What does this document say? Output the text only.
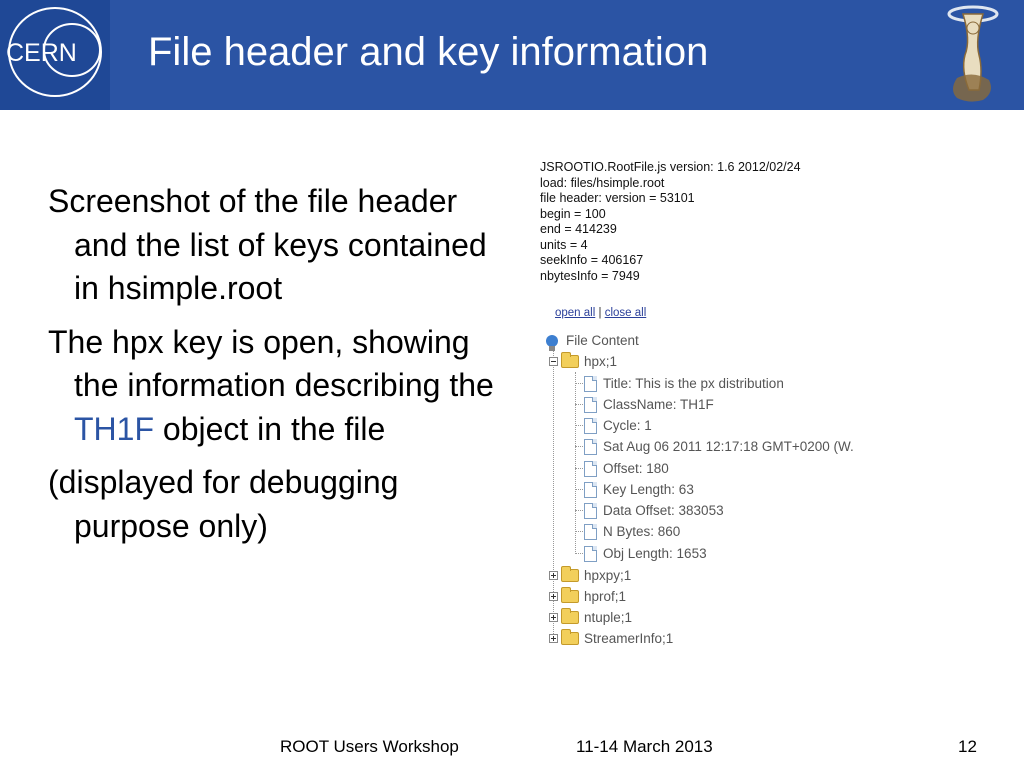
CERN File header and key information

Screenshot of the file header and the list of keys contained in hsimple.root

The hpx key is open, showing the information describing the TH1F object in the file

(displayed for debugging purpose only)

JSROOTIO.RootFile.js version: 1.6 2012/02/24
load: files/hsimple.root
file header: version = 53101
begin = 100
end = 414239
units = 4
seekInfo = 406167
nbytesInfo = 7949
open all | close all
File Content
hpx;1
Title: This is the px distribution
ClassName: TH1F
Cycle: 1
Sat Aug 06 2011 12:17:18 GMT+0200 (W.
Offset: 180
Key Length: 63
Data Offset: 383053
N Bytes: 860
Obj Length: 1653
hpxpy;1
hprof;1
ntuple;1
StreamerInfo;1
ROOT Users Workshop	11-14 March 2013	12
